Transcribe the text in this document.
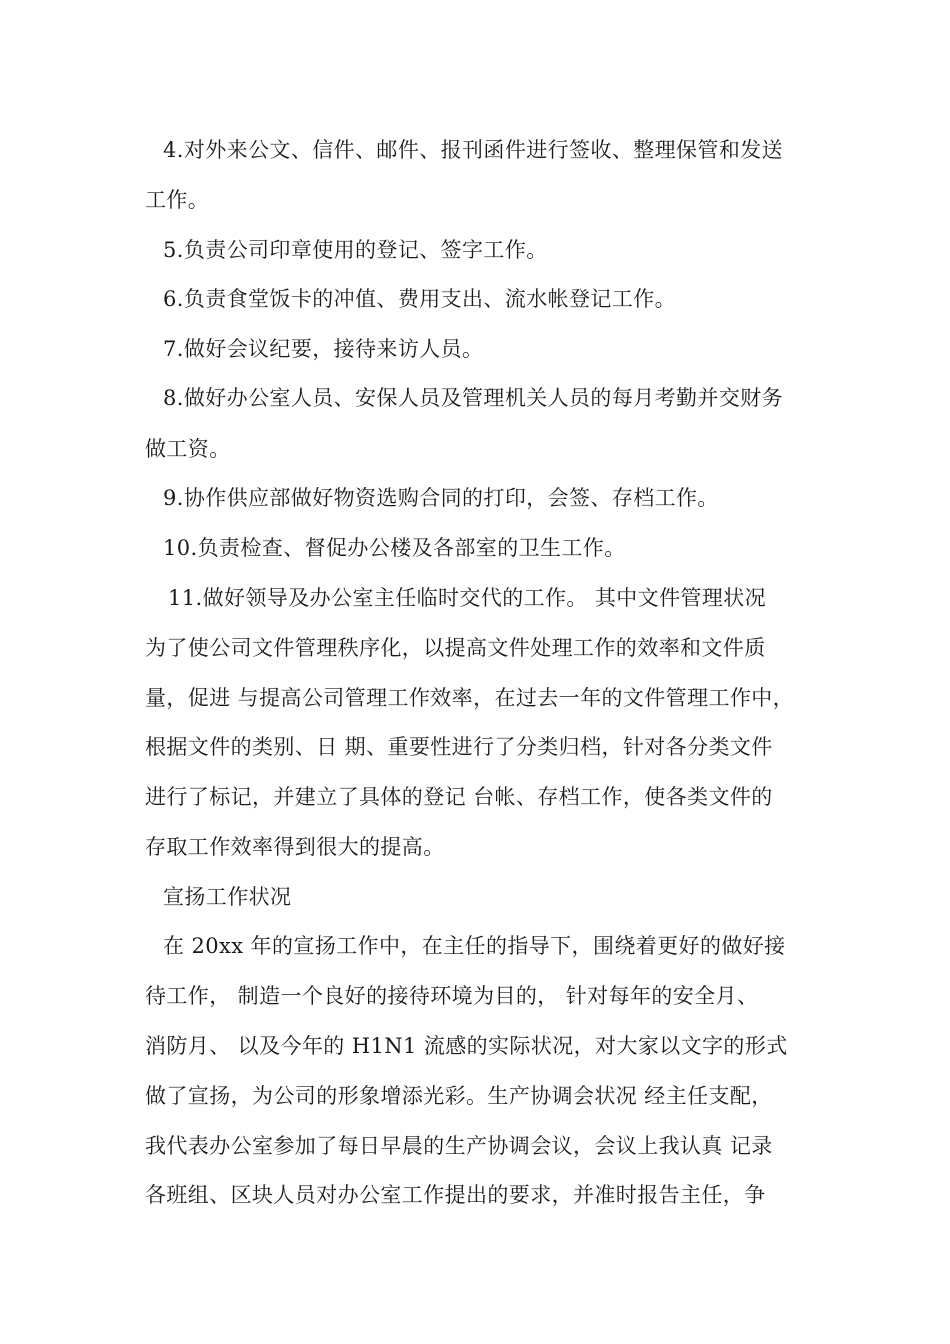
4.对外来公文、信件、邮件、报刊函件进行签收、整理保管和发送
工作。
5.负责公司印章使用的登记、签字工作。
6.负责食堂饭卡的冲值、费用支出、流水帐登记工作。
7.做好会议纪要，接待来访人员。
8.做好办公室人员、安保人员及管理机关人员的每月考勤并交财务
做工资。
9.协作供应部做好物资选购合同的打印，会签、存档工作。
10.负责检查、督促办公楼及各部室的卫生工作。
11.做好领导及办公室主任临时交代的工作。 其中文件管理状况
为了使公司文件管理秩序化，以提高文件处理工作的效率和文件质
量，促进 与提高公司管理工作效率，在过去一年的文件管理工作中，
根据文件的类别、日 期、重要性进行了分类归档，针对各分类文件
进行了标记，并建立了具体的登记 台帐、存档工作，使各类文件的
存取工作效率得到很大的提高。
宣扬工作状况
在 20xx 年的宣扬工作中，在主任的指导下，围绕着更好的做好接
待工作， 制造一个良好的接待环境为目的， 针对每年的安全月、
消防月、 以及今年的 H1N1 流感的实际状况，对大家以文字的形式
做了宣扬，为公司的形象增添光彩。生产协调会状况 经主任支配，
我代表办公室参加了每日早晨的生产协调会议，会议上我认真 记录
各班组、区块人员对办公室工作提出的要求，并准时报告主任，争
